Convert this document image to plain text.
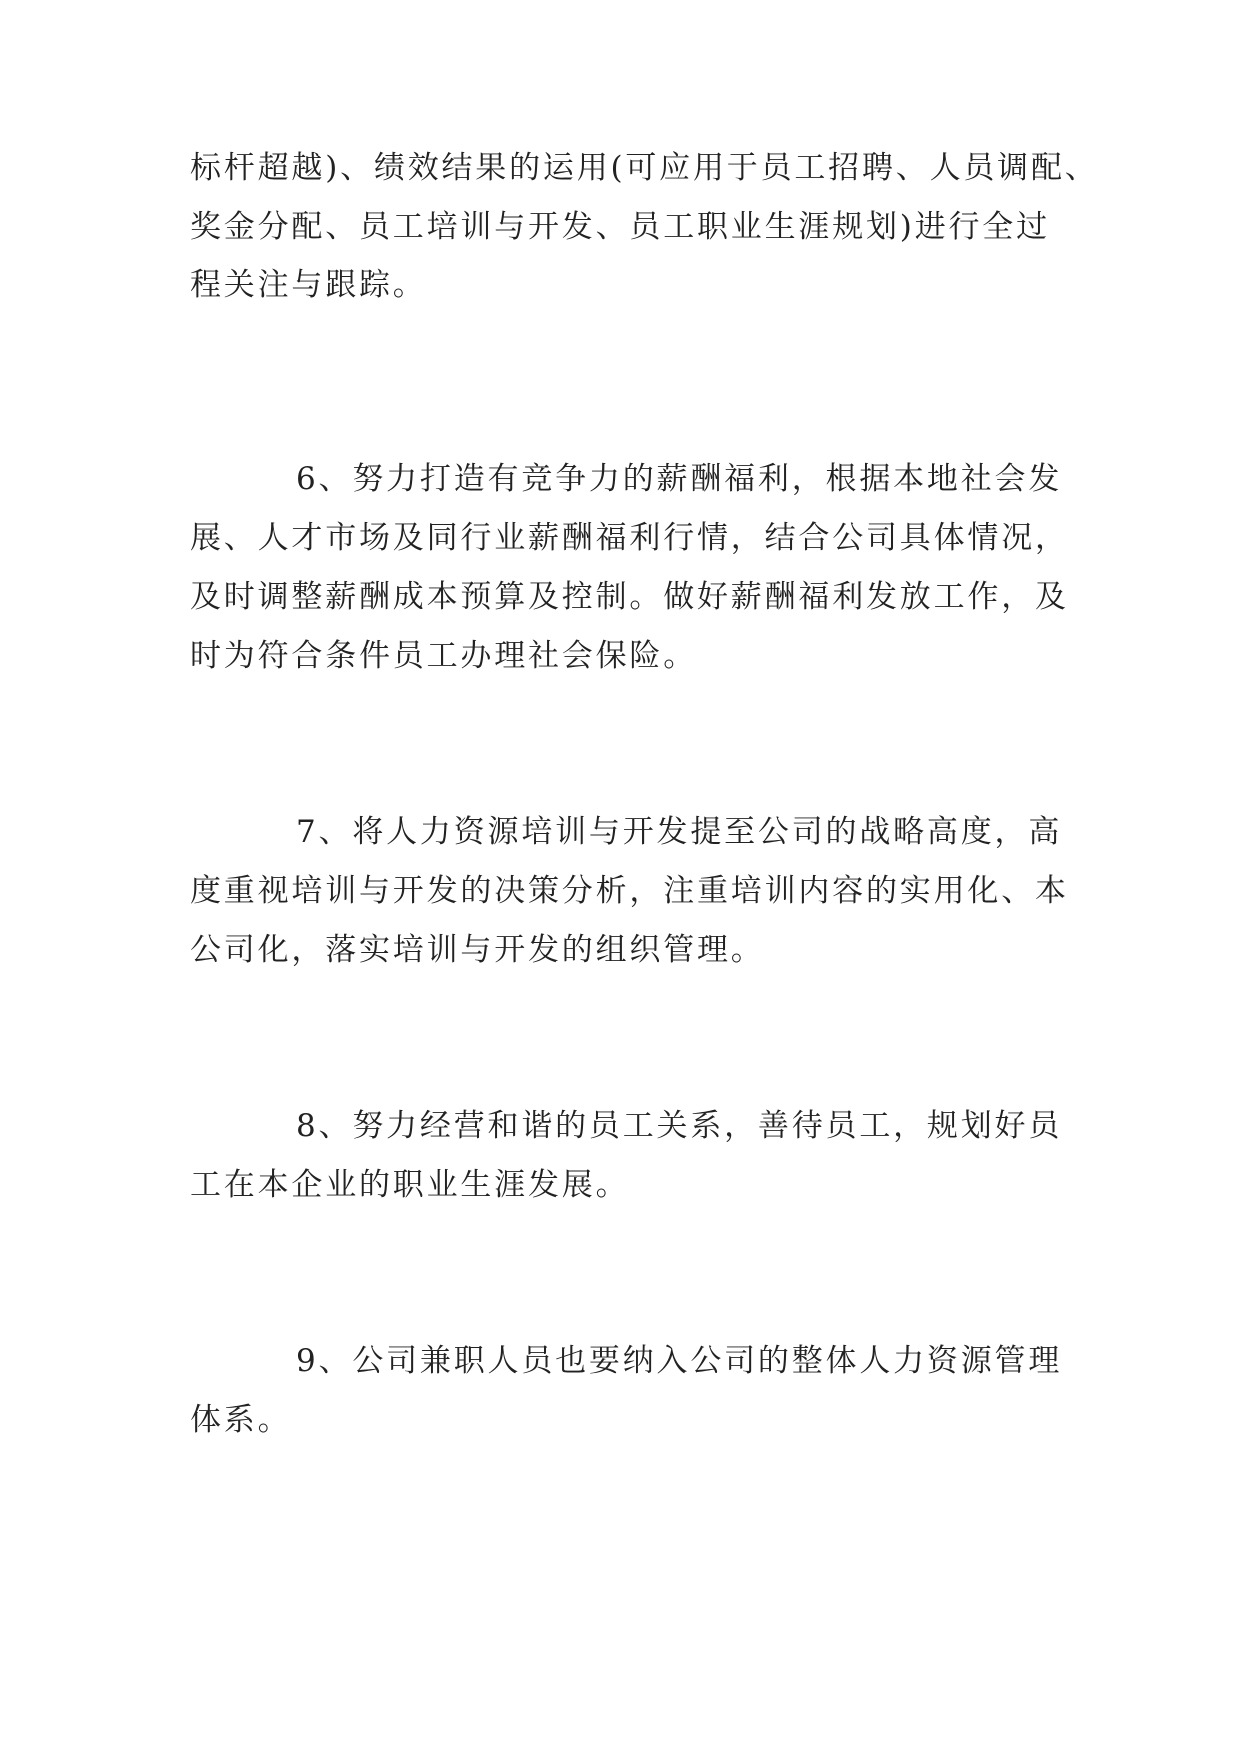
标杆超越)、绩效结果的运用(可应用于员工招聘、人员调配、

奖金分配、员工培训与开发、员工职业生涯规划)进行全过

程关注与跟踪。

6、努力打造有竞争力的薪酬福利，根据本地社会发

展、人才市场及同行业薪酬福利行情，结合公司具体情况，

及时调整薪酬成本预算及控制。做好薪酬福利发放工作，及

时为符合条件员工办理社会保险。

7、将人力资源培训与开发提至公司的战略高度，高

度重视培训与开发的决策分析，注重培训内容的实用化、本

公司化，落实培训与开发的组织管理。

8、努力经营和谐的员工关系，善待员工，规划好员

工在本企业的职业生涯发展。

9、公司兼职人员也要纳入公司的整体人力资源管理

体系。
